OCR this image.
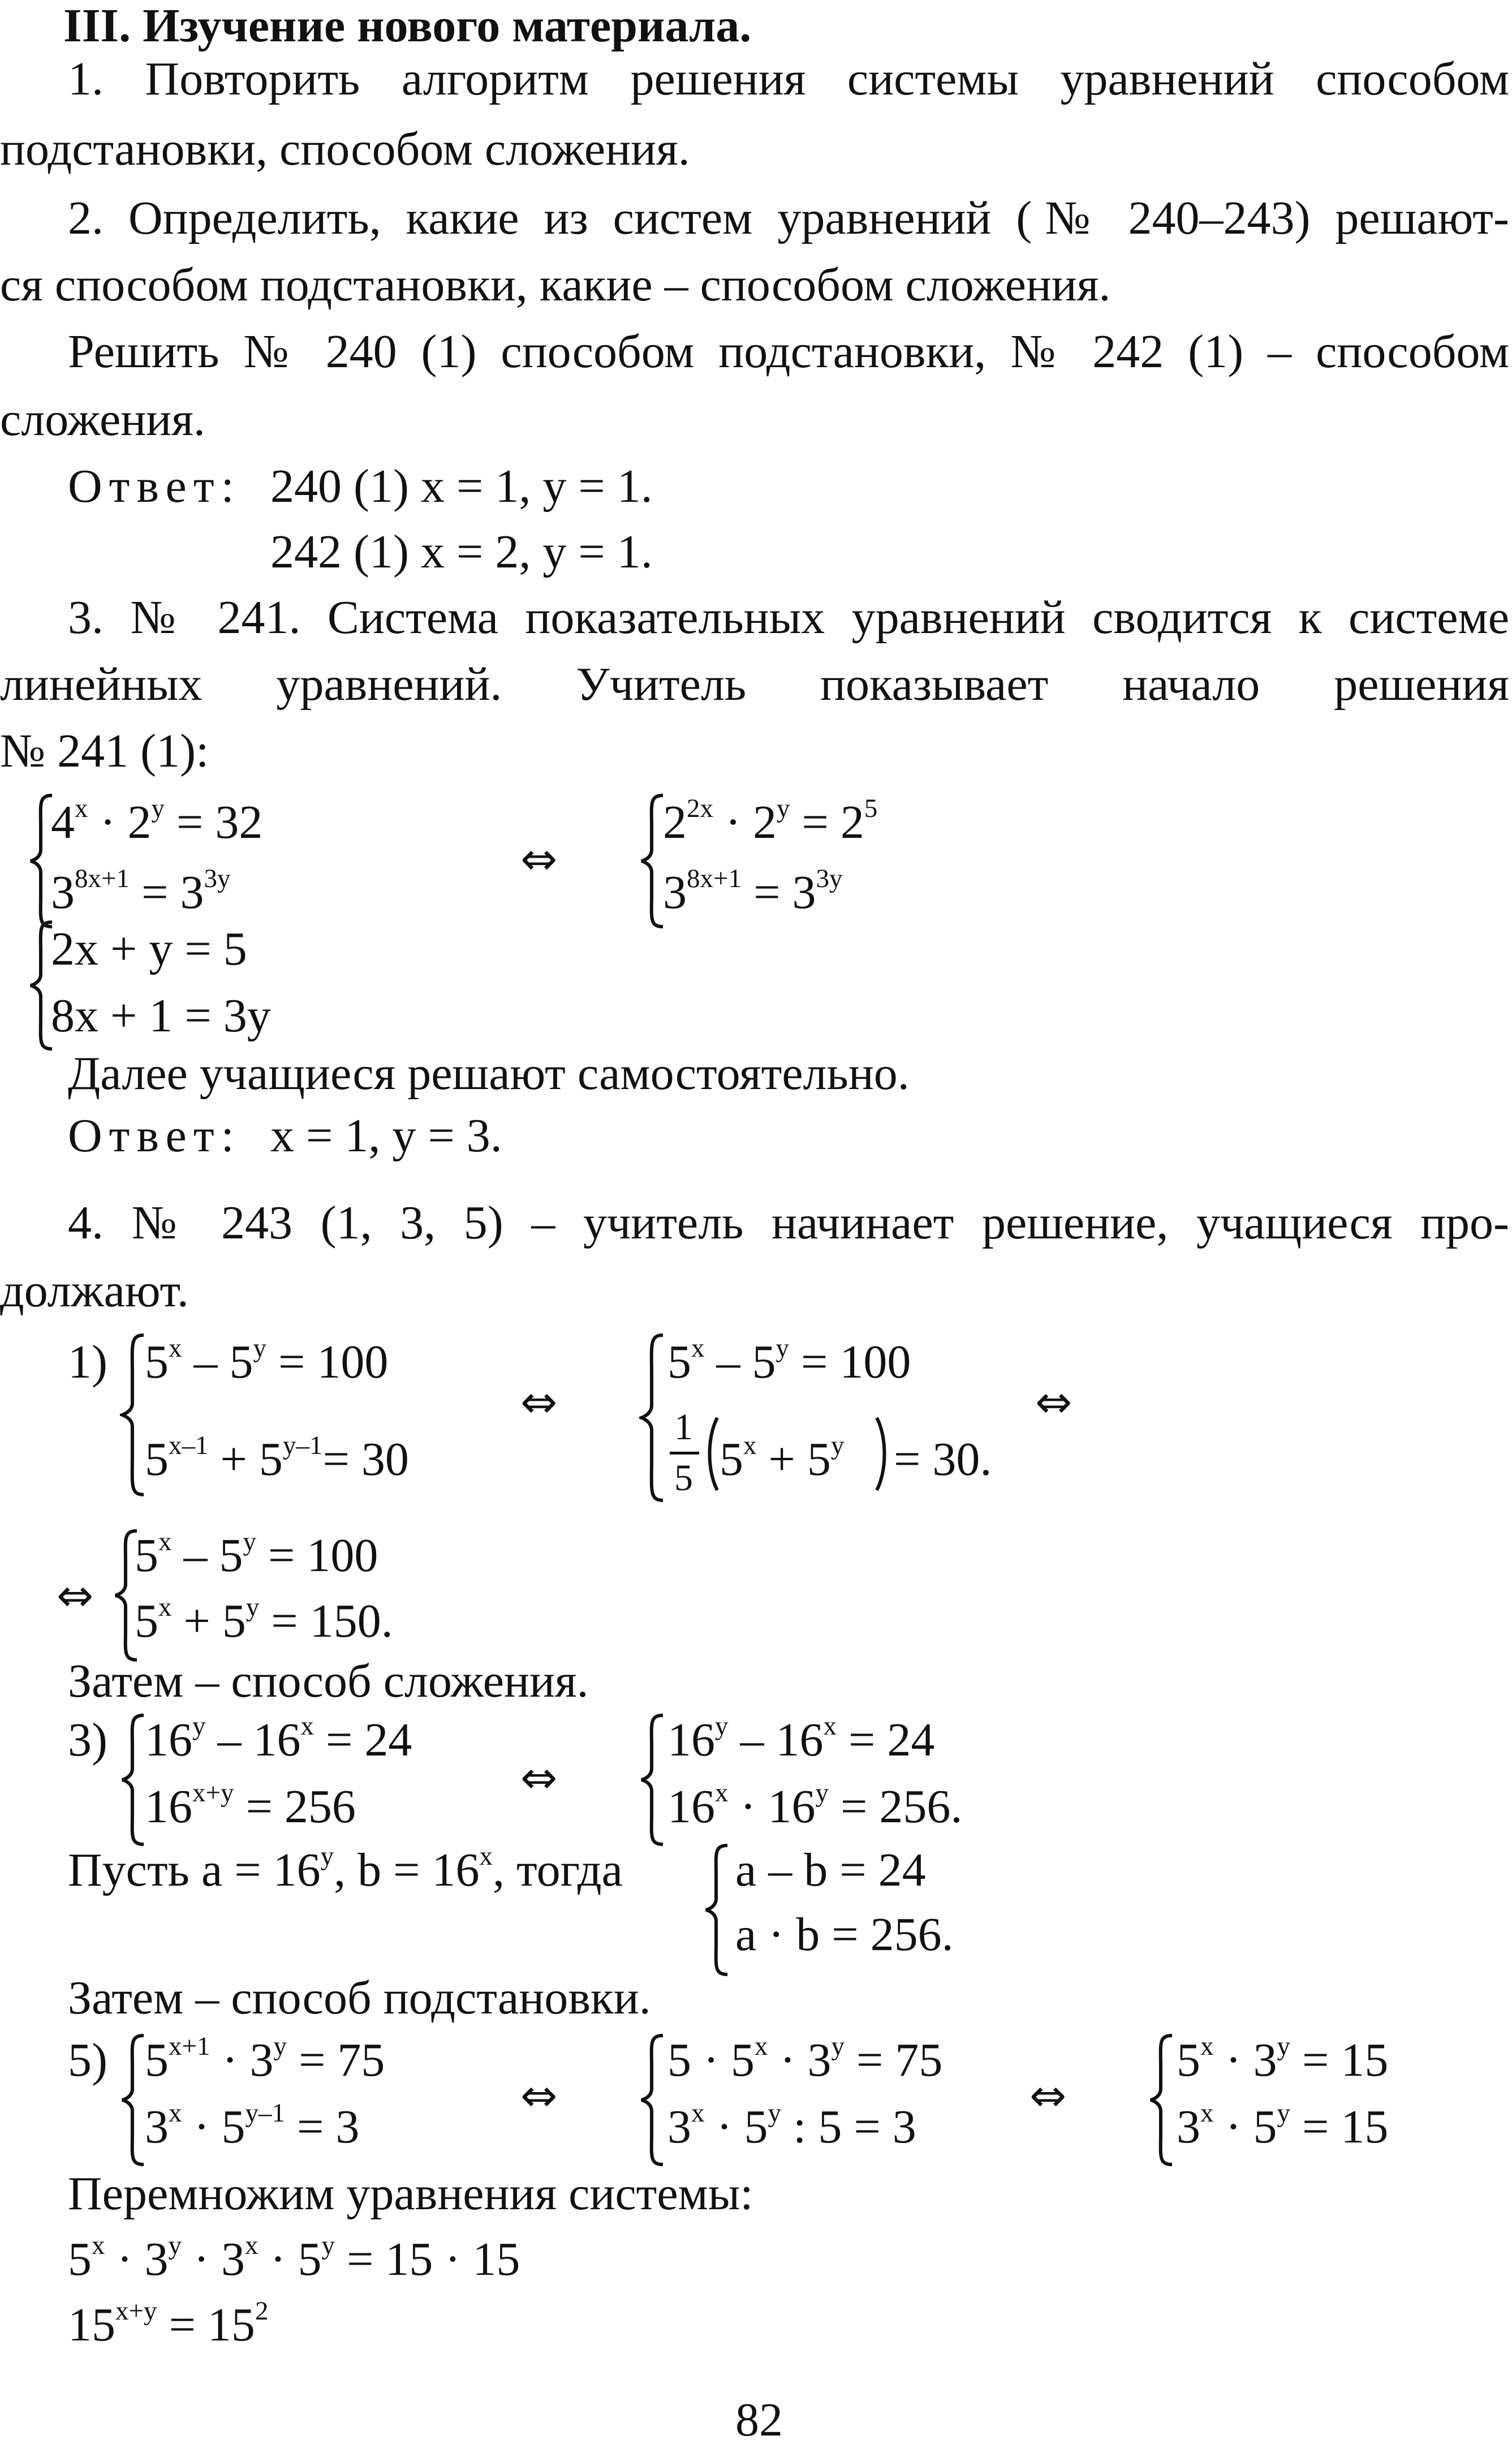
III. Изучение нового материала.
1. Повторить алгоритм решения системы уравнений способом
подстановки, способом сложения.
2. Определить, какие из систем уравнений (№ 240–243) решают-
ся способом подстановки, какие – способом сложения.
Решить № 240 (1) способом подстановки, № 242 (1) – способом
сложения.
Ответ: 240 (1) x = 1, y = 1.
242 (1) x = 2, y = 1.
3. № 241. Система показательных уравнений сводится к системе
линейных уравнений. Учитель показывает начало решения
№ 241 (1):
$4^x \cdot 2^y = 32$
$3^{8x+1} = 3^{3y}$	⇔
$2^{2x} \cdot 2^y = 2^5$
$3^{8x+1} = 3^{3y}$
2x + y = 5
8x + 1 = 3y
Далее учащиеся решают самостоятельно.
Ответ: x = 1, y = 3.
4. № 243 (1, 3, 5) – учитель начинает решение, учащиеся про-
должают.
1) $5^x - 5^y = 100$
$5^{x-1} + 5^{y-1}= 30$
⇔
$5^x - 5^y = 100$
1
5 $5^x + 5^y = 30$.
⇔
⇔
$5^x - 5^y = 100$
$5^x + 5^y = 150$.
Затем – способ сложения.
3) $16^y - 16^x = 24$
$16^{x+y} = 256$
⇔
$16^y - 16^x = 24$
$16^x \cdot 16^y = 256$.
Пусть $a = 16^y$, $b = 16^x$, тогда a – b = 24
a · b = 256.
Затем – способ подстановки.
5) $5^{x+1} \cdot 3^y = 75$
$3^x \cdot 5^{y-1} = 3$
⇔
$5 \cdot 5^x \cdot 3^y = 75$
$3^x \cdot 5^y$ : 5 = 3
⇔
$5^x \cdot 3^y = 15$
$3^x \cdot 5^y = 15$
Перемножим уравнения системы:
$5^x \cdot 3^y \cdot 3^x \cdot 5^y = 15 \cdot 15$
$15^{x+y} = 15^2$
82
